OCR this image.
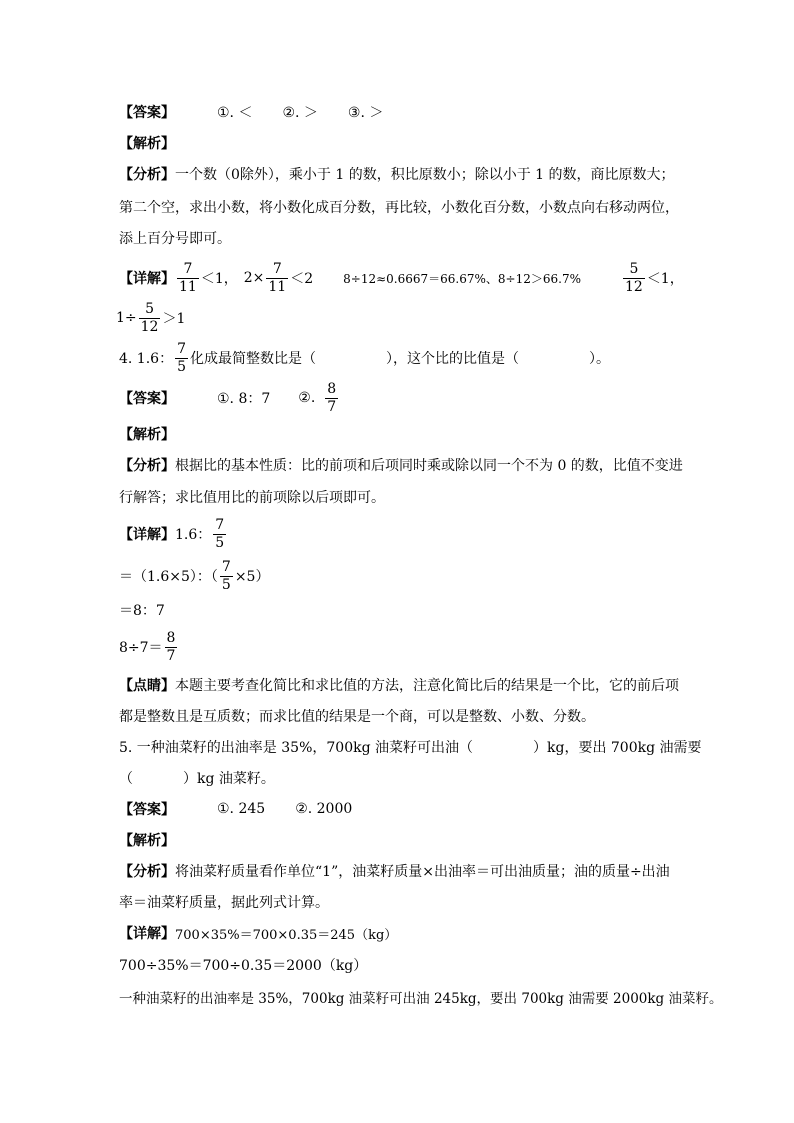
【答案】	①. ＜ ②. ＞ ③. ＞
【解析】
【分析】 一个数（0除外），乘小于 1 的数，积比原数小；除以小于 1 的数，商比原数大；
第二个空，求出小数，将小数化成百分数，再比较，小数化百分数，小数点向右移动两位，
添上百分号即可。
【详解】 $\frac{7}{11} <1$， $2\times \frac{7}{11} <2$	8÷12≈0.6667＝66.67%、8÷12＞66.7%	$\frac{5}{12} <1$，
$1\div \frac{5}{12} >1$
4. 1.6： $\frac{7}{5}$ 化成最简整数比是（	），这个比的比值是（	）。
【答案】	①. 8：7 ②. $\frac{8}{7}$
【解析】
【分析】 根据比的基本性质：比的前项和后项同时乘或除以同一个不为 0 的数，比值不变进
行解答；求比值用比的前项除以后项即可。
【详解】 1.6： $\frac{7}{5}$
＝（1.6×5）：（ $\frac{7}{5} \times 5$）
＝8：7
$8\div 7= \frac{8}{7}$
【点睛】 本题主要考查化简比和求比值的方法，注意化简比后的结果是一个比，它的前后项
都是整数且是互质数；而求比值的结果是一个商，可以是整数、小数、分数。
5. 一种油菜籽的出油率是 35%，700kg 油菜籽可出油（	）kg，要出 700kg 油需要
（	）kg 油菜籽。
【答案】	①. 245 ②. 2000
【解析】
【分析】 将油菜籽质量看作单位“1”，油菜籽质量×出油率＝可出油质量；油的质量÷出油
率＝油菜籽质量，据此列式计算。
【详解】 700×35%＝700×0.35＝245（kg）
700÷35%＝700÷0.35＝2000（kg）
一种油菜籽的出油率是 35%，700kg 油菜籽可出油 245kg，要出 700kg 油需要 2000kg 油菜籽。
